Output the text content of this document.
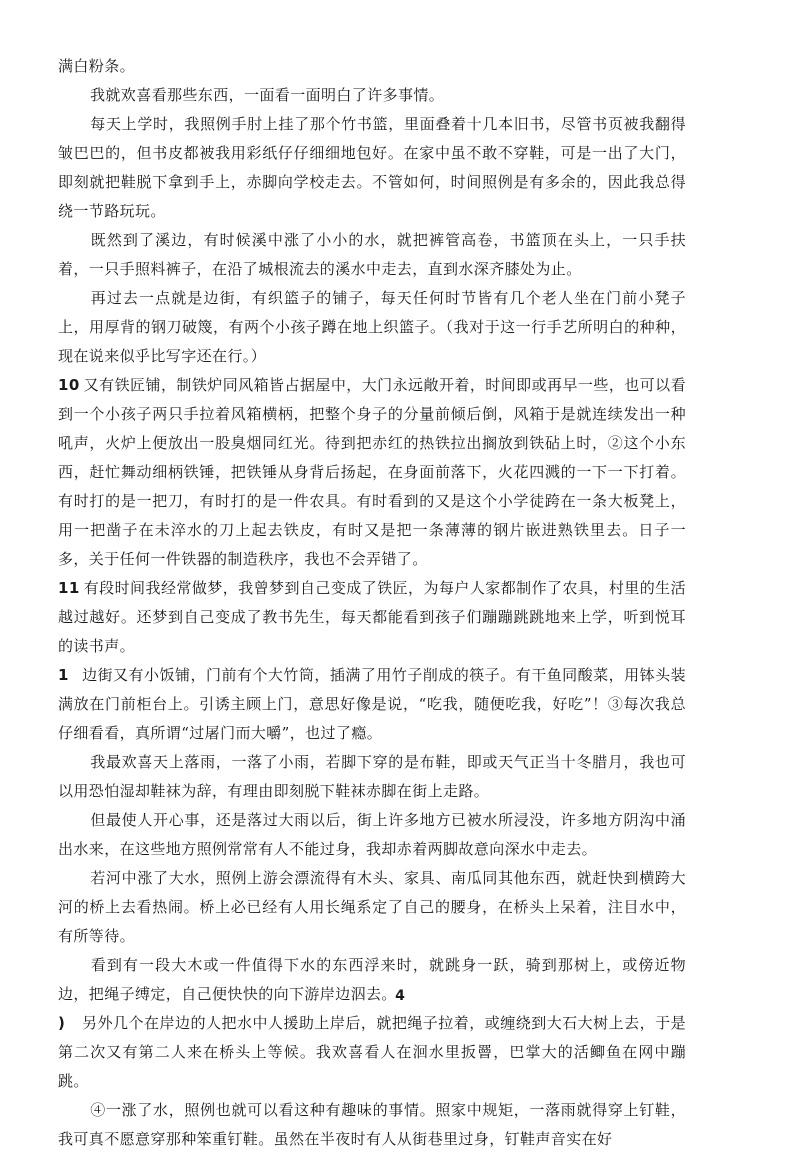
满白粉条。

我就欢喜看那些东西，一面看一面明白了许多事情。

每天上学时，我照例手肘上挂了那个竹书篮，里面叠着十几本旧书，尽管书页被我翻得皱巴巴的，但书皮都被我用彩纸仔仔细细地包好。在家中虽不敢不穿鞋，可是一出了大门，即刻就把鞋脱下拿到手上，赤脚向学校走去。不管如何，时间照例是有多余的，因此我总得绕一节路玩玩。

既然到了溪边，有时候溪中涨了小小的水，就把裤管高卷，书篮顶在头上，一只手扶着，一只手照料裤子，在沿了城根流去的溪水中走去，直到水深齐膝处为止。

再过去一点就是边街，有织篮子的铺子，每天任何时节皆有几个老人坐在门前小凳子上，用厚背的钢刀破篾，有两个小孩子蹲在地上织篮子。（我对于这一行手艺所明白的种种，现在说来似乎比写字还在行。）

10 又有铁匠铺，制铁炉同风箱皆占据屋中，大门永远敞开着，时间即或再早一些，也可以看到一个小孩子两只手拉着风箱横柄，把整个身子的分量前倾后倒，风箱于是就连续发出一种吼声，火炉上便放出一股臭烟同红光。待到把赤红的热铁拉出搁放到铁砧上时，②这个小东西，赶忙舞动细柄铁锤，把铁锤从身背后扬起，在身面前落下，火花四溅的一下一下打着。有时打的是一把刀，有时打的是一件农具。有时看到的又是这个小学徒跨在一条大板凳上，用一把凿子在未淬水的刀上起去铁皮，有时又是把一条薄薄的钢片嵌进熟铁里去。日子一多，关于任何一件铁器的制造秩序，我也不会弄错了。

11 有段时间我经常做梦，我曾梦到自己变成了铁匠，为每户人家都制作了农具，村里的生活越过越好。还梦到自己变成了教书先生，每天都能看到孩子们蹦蹦跳跳地来上学，听到悦耳的读书声。

1 边街又有小饭铺，门前有个大竹筒，插满了用竹子削成的筷子。有干鱼同酸菜，用钵头装满放在门前柜台上。引诱主顾上门，意思好像是说，“吃我，随便吃我，好吃”！③每次我总仔细看看，真所谓“过屠门而大嚼”，也过了瘾。

我最欢喜天上落雨，一落了小雨，若脚下穿的是布鞋，即或天气正当十冬腊月，我也可以用恐怕湿却鞋袜为辞，有理由即刻脱下鞋袜赤脚在街上走路。

但最使人开心事，还是落过大雨以后，街上许多地方已被水所浸没，许多地方阴沟中涌出水来，在这些地方照例常常有人不能过身，我却赤着两脚故意向深水中走去。

若河中涨了大水，照例上游会漂流得有木头、家具、南瓜同其他东西，就赶快到横跨大河的桥上去看热闹。桥上必已经有人用长绳系定了自己的腰身，在桥头上呆着，注目水中，有所等待。

看到有一段大木或一件值得下水的东西浮来时，就跳身一跃，骑到那树上，或傍近物边，把绳子缚定，自己便快快的向下游岸边泅去。

) 另外几个在岸边的人把水中人援助上岸后，就把绳子拉着，或缠绕到大石大树上去，于是第二次又有第二人来在桥头上等候。我欢喜看人在洄水里扳罾，巴掌大的活鲫鱼在网中蹦跳。

④一涨了水，照例也就可以看这种有趣味的事情。照家中规矩，一落雨就得穿上钉鞋，我可真不愿意穿那种笨重钉鞋。虽然在半夜时有人从街巷里过身，钉鞋声音实在好

4
